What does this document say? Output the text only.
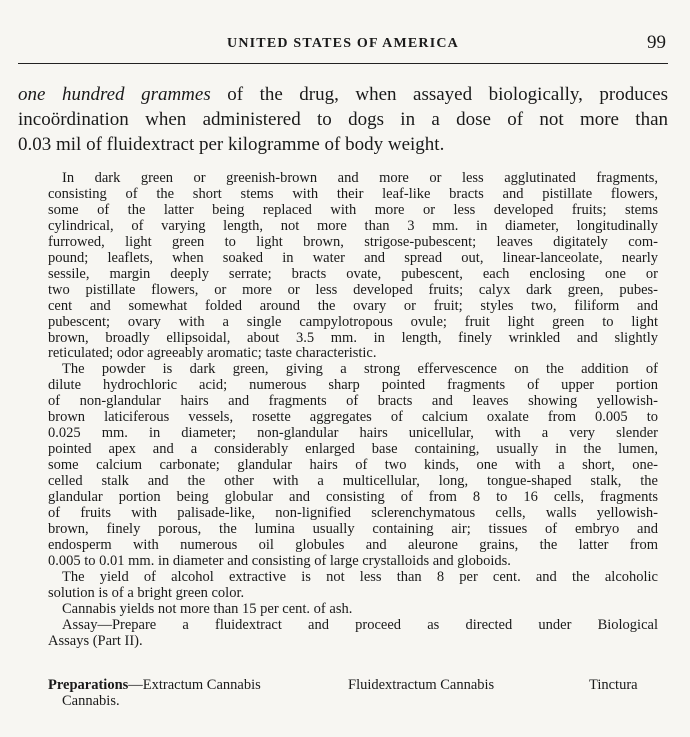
UNITED STATES OF AMERICA	99
one hundred grammes of the drug, when assayed biologically, produces
incoördination when administered to dogs in a dose of not more than
0.03 mil of fluidextract per kilogramme of body weight.
In dark green or greenish-brown and more or less agglutinated fragments,
consisting of the short stems with their leaf-like bracts and pistillate flowers,
some of the latter being replaced with more or less developed fruits; stems
cylindrical, of varying length, not more than 3 mm. in diameter, longitudinally
furrowed, light green to light brown, strigose-pubescent; leaves digitately com-
pound; leaflets, when soaked in water and spread out, linear-lanceolate, nearly
sessile, margin deeply serrate; bracts ovate, pubescent, each enclosing one or
two pistillate flowers, or more or less developed fruits; calyx dark green, pubes-
cent and somewhat folded around the ovary or fruit; styles two, filiform and
pubescent; ovary with a single campylotropous ovule; fruit light green to light
brown, broadly ellipsoidal, about 3.5 mm. in length, finely wrinkled and slightly
reticulated; odor agreeably aromatic; taste characteristic.
The powder is dark green, giving a strong effervescence on the addition of
dilute hydrochloric acid; numerous sharp pointed fragments of upper portion
of non-glandular hairs and fragments of bracts and leaves showing yellowish-
brown laticiferous vessels, rosette aggregates of calcium oxalate from 0.005 to
0.025 mm. in diameter; non-glandular hairs unicellular, with a very slender
pointed apex and a considerably enlarged base containing, usually in the lumen,
some calcium carbonate; glandular hairs of two kinds, one with a short, one-
celled stalk and the other with a multicellular, long, tongue-shaped stalk, the
glandular portion being globular and consisting of from 8 to 16 cells, fragments
of fruits with palisade-like, non-lignified sclerenchymatous cells, walls yellowish-
brown, finely porous, the lumina usually containing air; tissues of embryo and
endosperm with numerous oil globules and aleurone grains, the latter from
0.005 to 0.01 mm. in diameter and consisting of large crystalloids and globoids.
The yield of alcohol extractive is not less than 8 per cent. and the alcoholic
solution is of a bright green color.
Cannabis yields not more than 15 per cent. of ash.
Assay—Prepare a fluidextract and proceed as directed under Biological
Assays (Part II).
Preparations—Extractum Cannabis	Fluidextractum Cannabis	Tinctura
Cannabis.
